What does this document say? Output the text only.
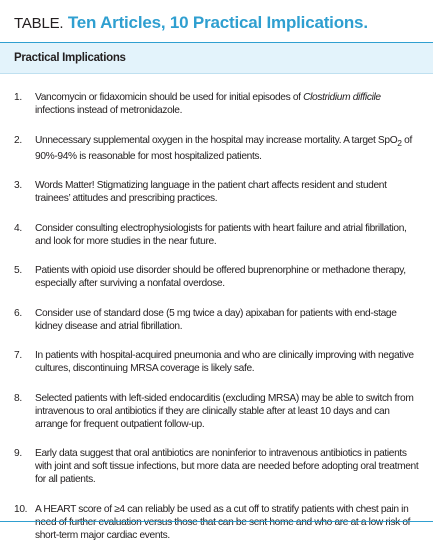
TABLE. Ten Articles, 10 Practical Implications.
Practical Implications
1.	Vancomycin or fidaxomicin should be used for initial episodes of Clostridium difficile infections instead of metronidazole.
2.	Unnecessary supplemental oxygen in the hospital may increase mortality. A target SpO$_2$ of 90%-94% is reasonable for most hospitalized patients.
3.	Words Matter! Stigmatizing language in the patient chart affects resident and student trainees’ attitudes and prescribing practices.
4.	Consider consulting electrophysiologists for patients with heart failure and atrial fibrillation, and look for more studies in the near future.
5.	Patients with opioid use disorder should be offered buprenorphine or methadone therapy, especially after surviving a nonfatal overdose.
6.	Consider use of standard dose (5 mg twice a day) apixaban for patients with end-stage kidney disease and atrial fibrillation.
7.	In patients with hospital-acquired pneumonia and who are clinically improving with negative cultures, discontinuing MRSA coverage is likely safe.
8.	Selected patients with left-sided endocarditis (excluding MRSA) may be able to switch from intravenous to oral antibiotics if they are clinically stable after at least 10 days and can arrange for frequent outpatient follow-up.
9.	Early data suggest that oral antibiotics are noninferior to intravenous antibiotics in patients with joint and soft tissue infections, but more data are needed before adopting oral treatment for all patients.
10. A HEART score of ≥4 can reliably be used as a cut off to stratify patients with chest pain in need of further evaluation versus those that can be sent home and who are at a low risk of short-term major cardiac events.
